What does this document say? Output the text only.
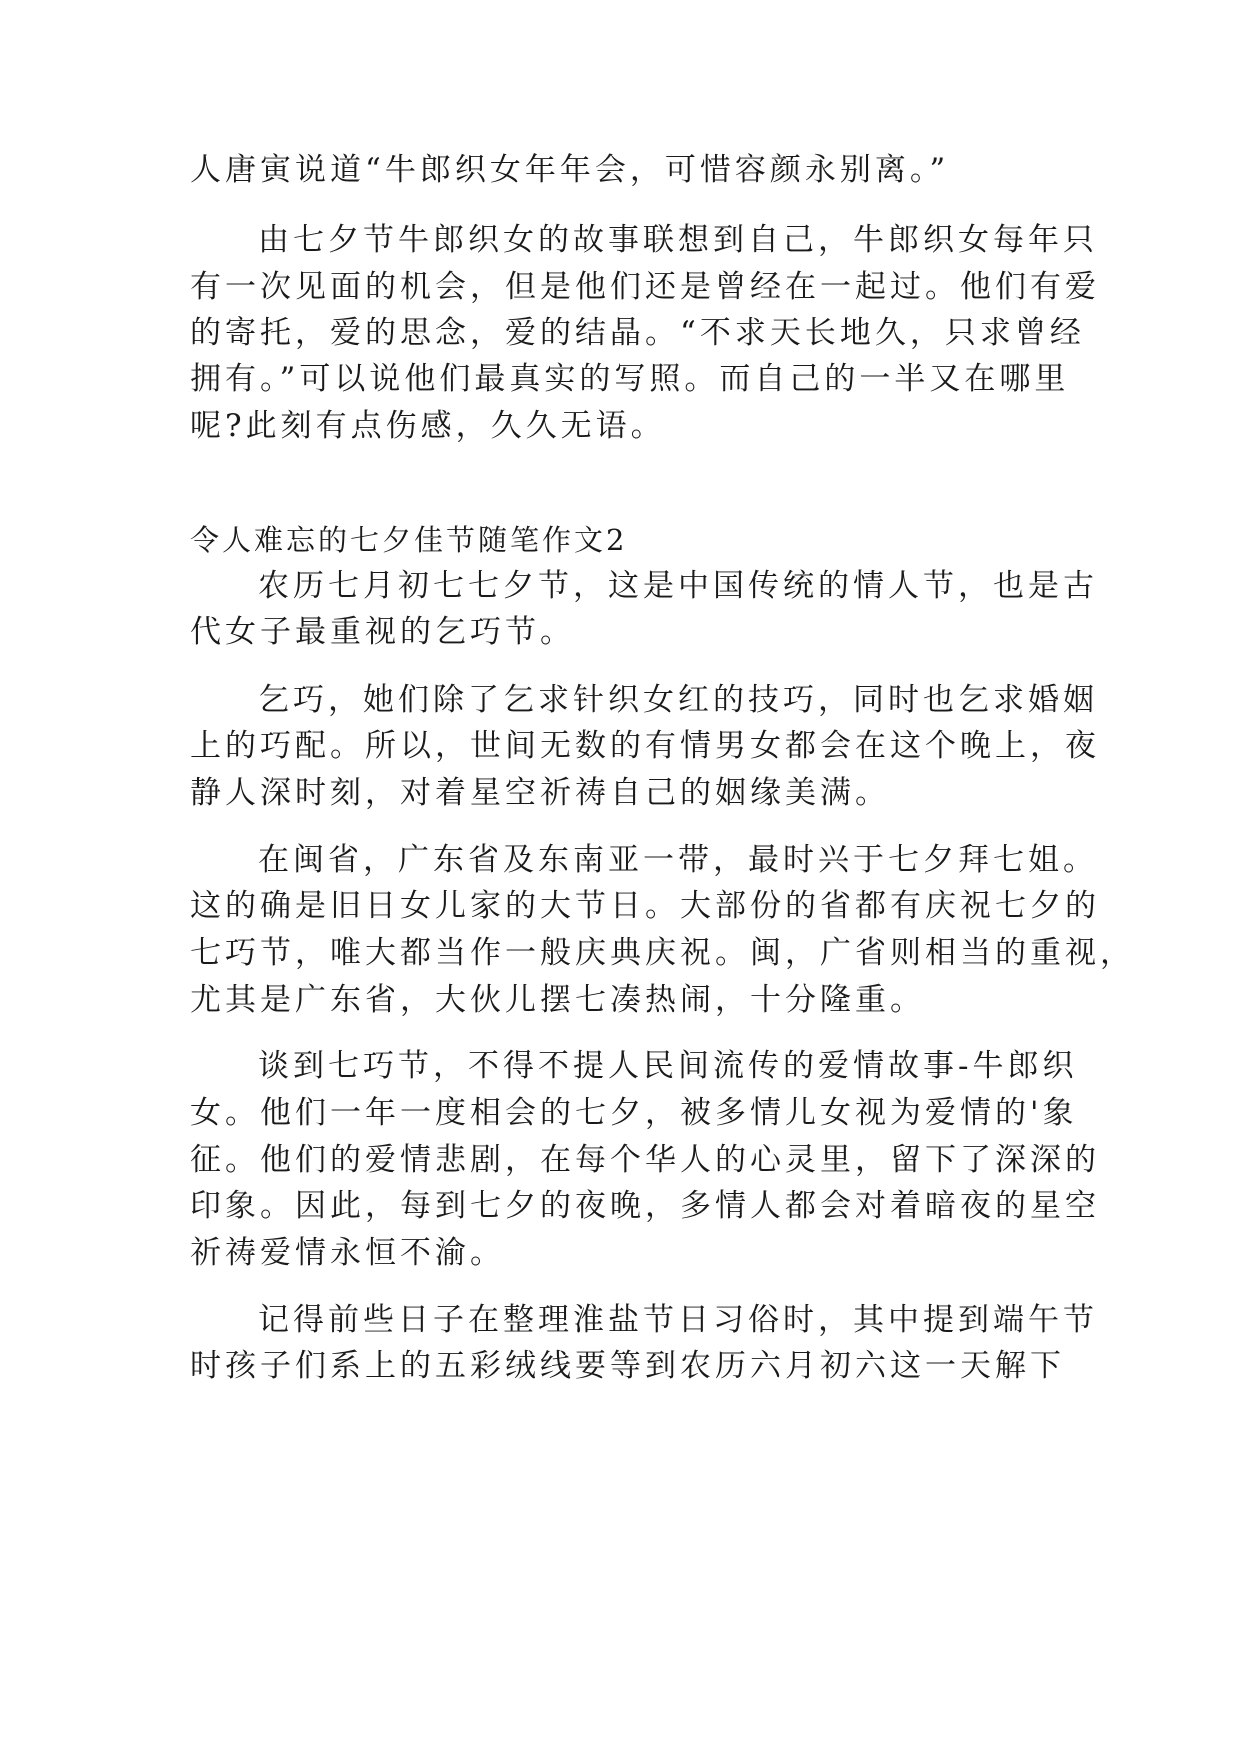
人唐寅说道“牛郎织女年年会，可惜容颜永别离。”
由七夕节牛郎织女的故事联想到自己，牛郎织女每年只
有一次见面的机会，但是他们还是曾经在一起过。他们有爱
的寄托，爱的思念，爱的结晶。“不求天长地久，只求曾经
拥有。”可以说他们最真实的写照。而自己的一半又在哪里
呢?此刻有点伤感，久久无语。
令人难忘的七夕佳节随笔作文2
农历七月初七七夕节，这是中国传统的情人节，也是古
代女子最重视的乞巧节。
乞巧，她们除了乞求针织女红的技巧，同时也乞求婚姻
上的巧配。所以，世间无数的有情男女都会在这个晚上，夜
静人深时刻，对着星空祈祷自己的姻缘美满。
在闽省，广东省及东南亚一带，最时兴于七夕拜七姐。
这的确是旧日女儿家的大节日。大部份的省都有庆祝七夕的
七巧节，唯大都当作一般庆典庆祝。闽，广省则相当的重视，
尤其是广东省，大伙儿摆七凑热闹，十分隆重。
谈到七巧节，不得不提人民间流传的爱情故事-牛郎织
女。他们一年一度相会的七夕，被多情儿女视为爱情的'象
征。他们的爱情悲剧，在每个华人的心灵里，留下了深深的
印象。因此，每到七夕的夜晚，多情人都会对着暗夜的星空
祈祷爱情永恒不渝。
记得前些日子在整理淮盐节日习俗时，其中提到端午节
时孩子们系上的五彩绒线要等到农历六月初六这一天解下
